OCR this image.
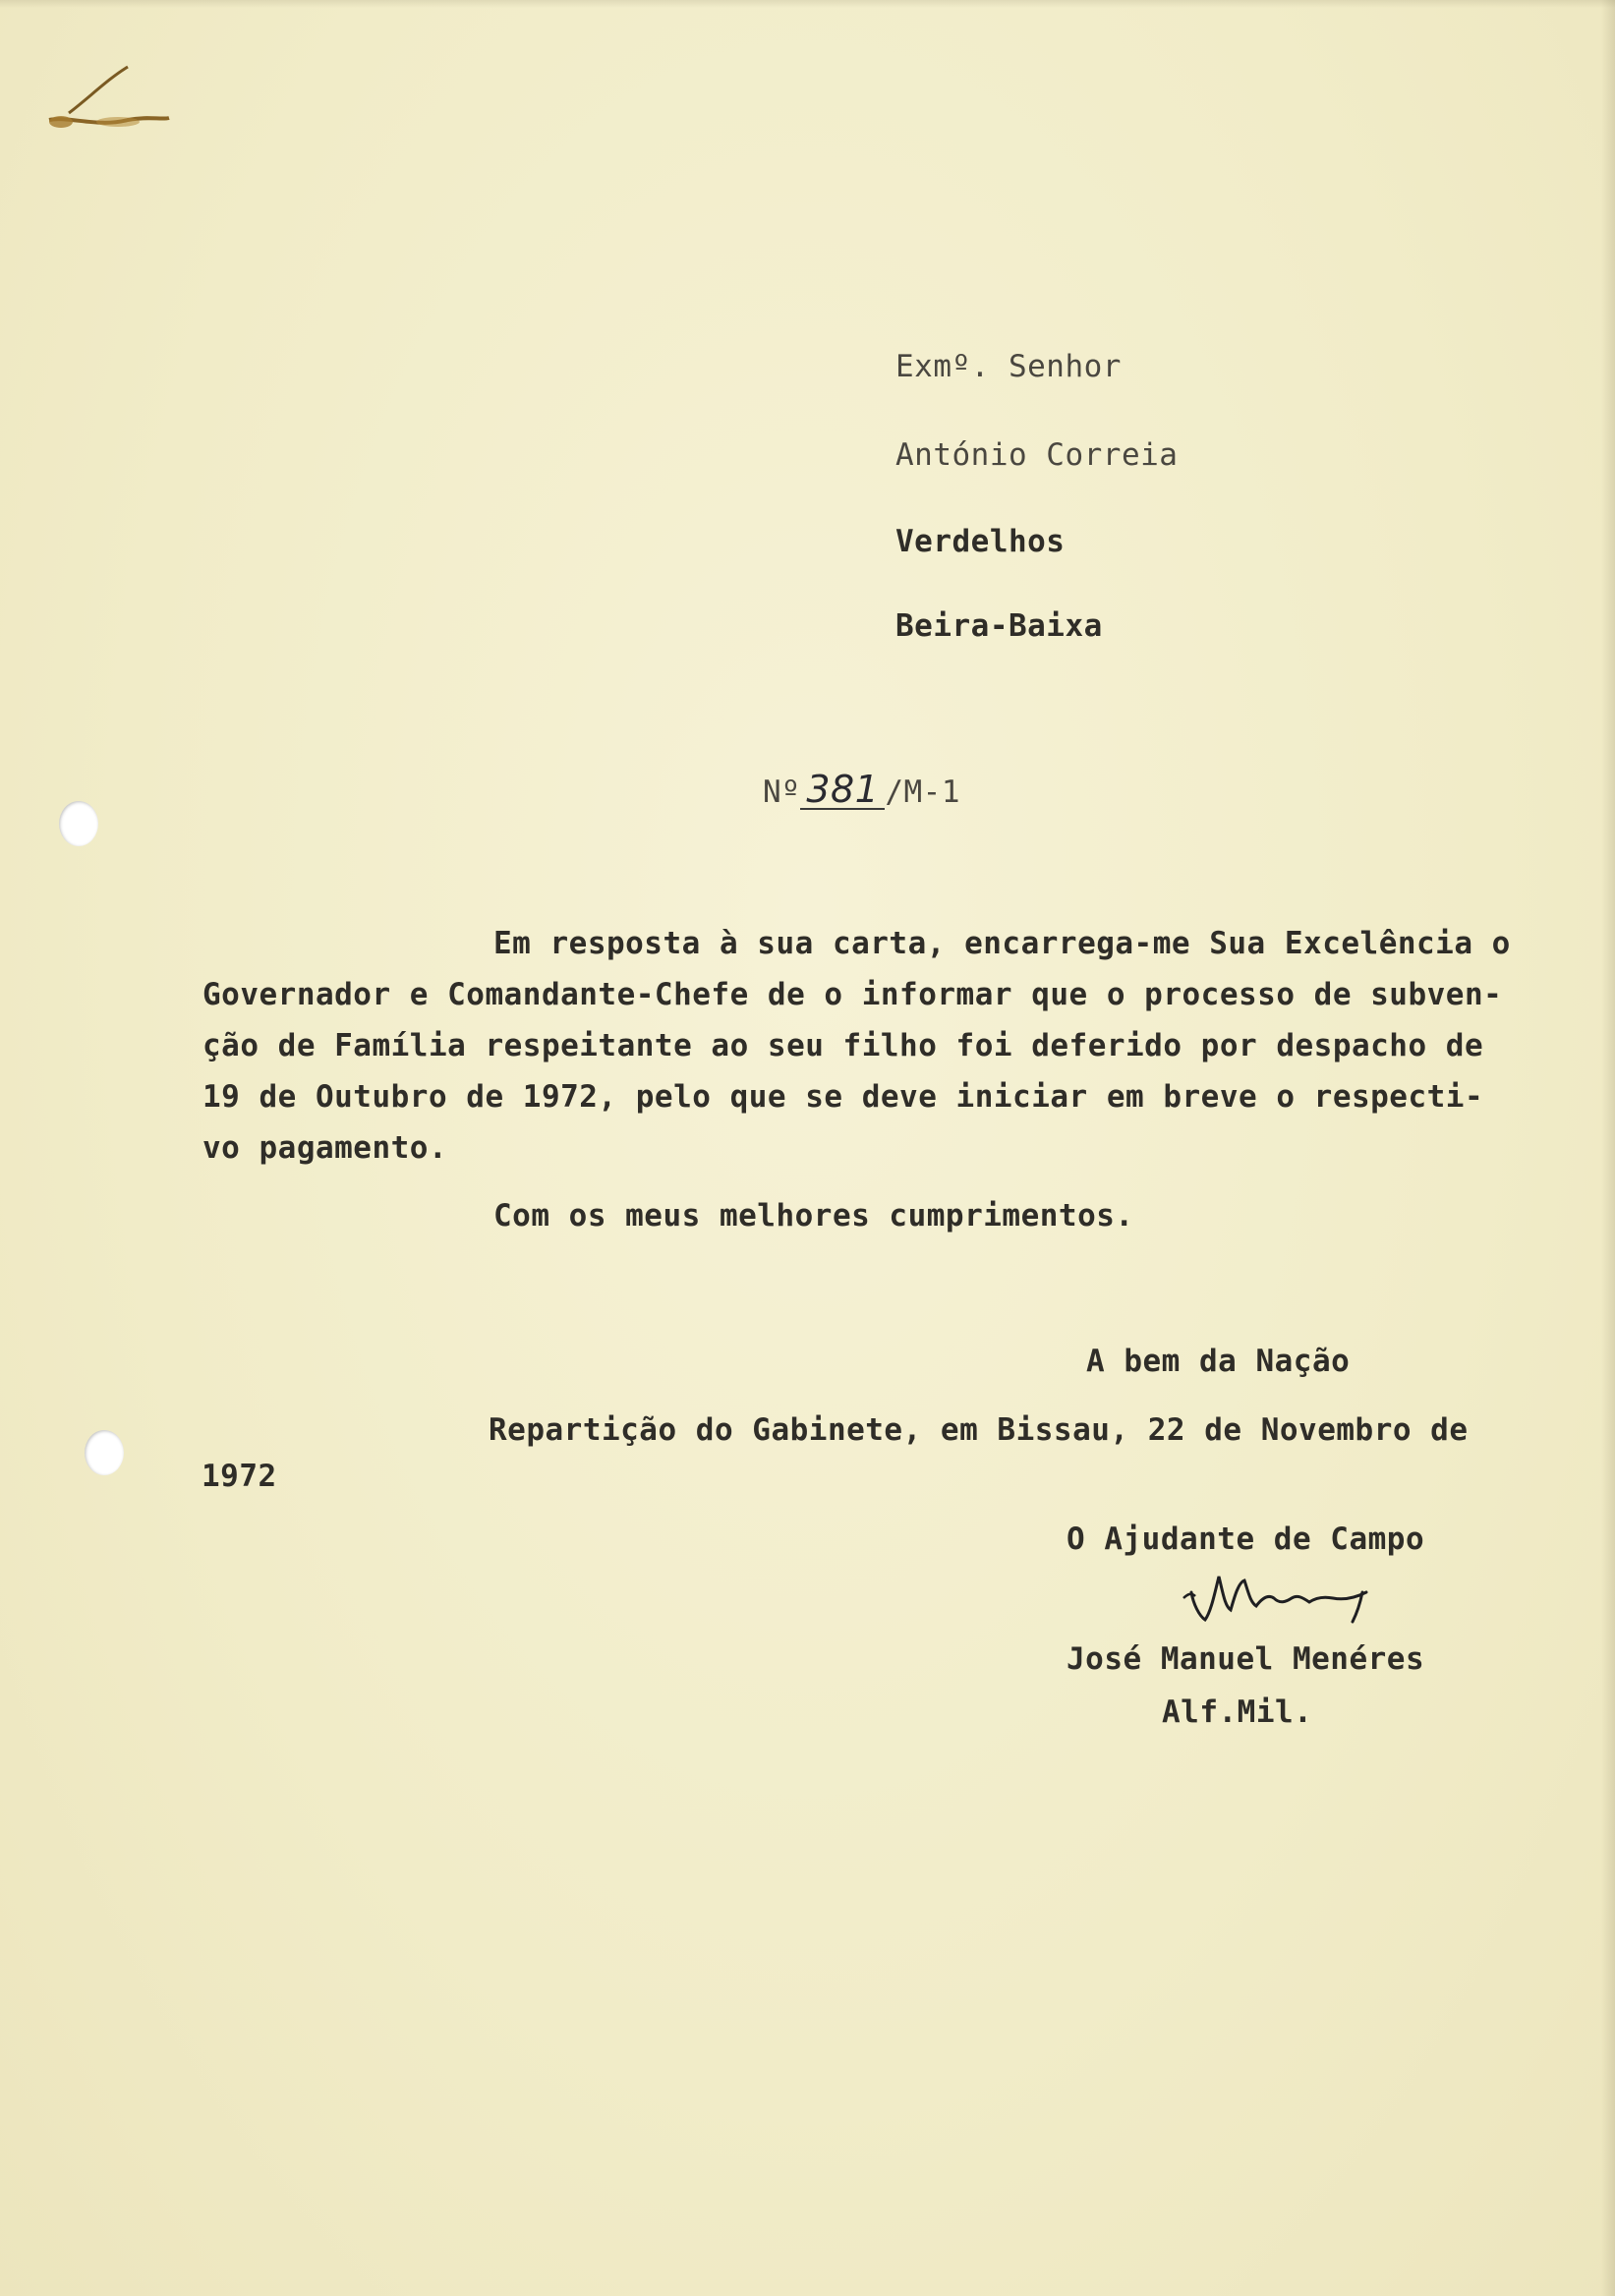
Exmº. Senhor
António Correia
Verdelhos
Beira-Baixa
Nº 381 /M-1
Em resposta à sua carta, encarrega-me Sua Excelência o
Governador e Comandante-Chefe de o informar que o processo de subven-
ção de Família respeitante ao seu filho foi deferido por despacho de
19 de Outubro de 1972, pelo que se deve iniciar em breve o respecti-
vo pagamento.
Com os meus melhores cumprimentos.
A bem da Nação
Repartição do Gabinete, em Bissau, 22 de Novembro de
1972
O Ajudante de Campo
José Manuel Menéres
Alf.Mil.
